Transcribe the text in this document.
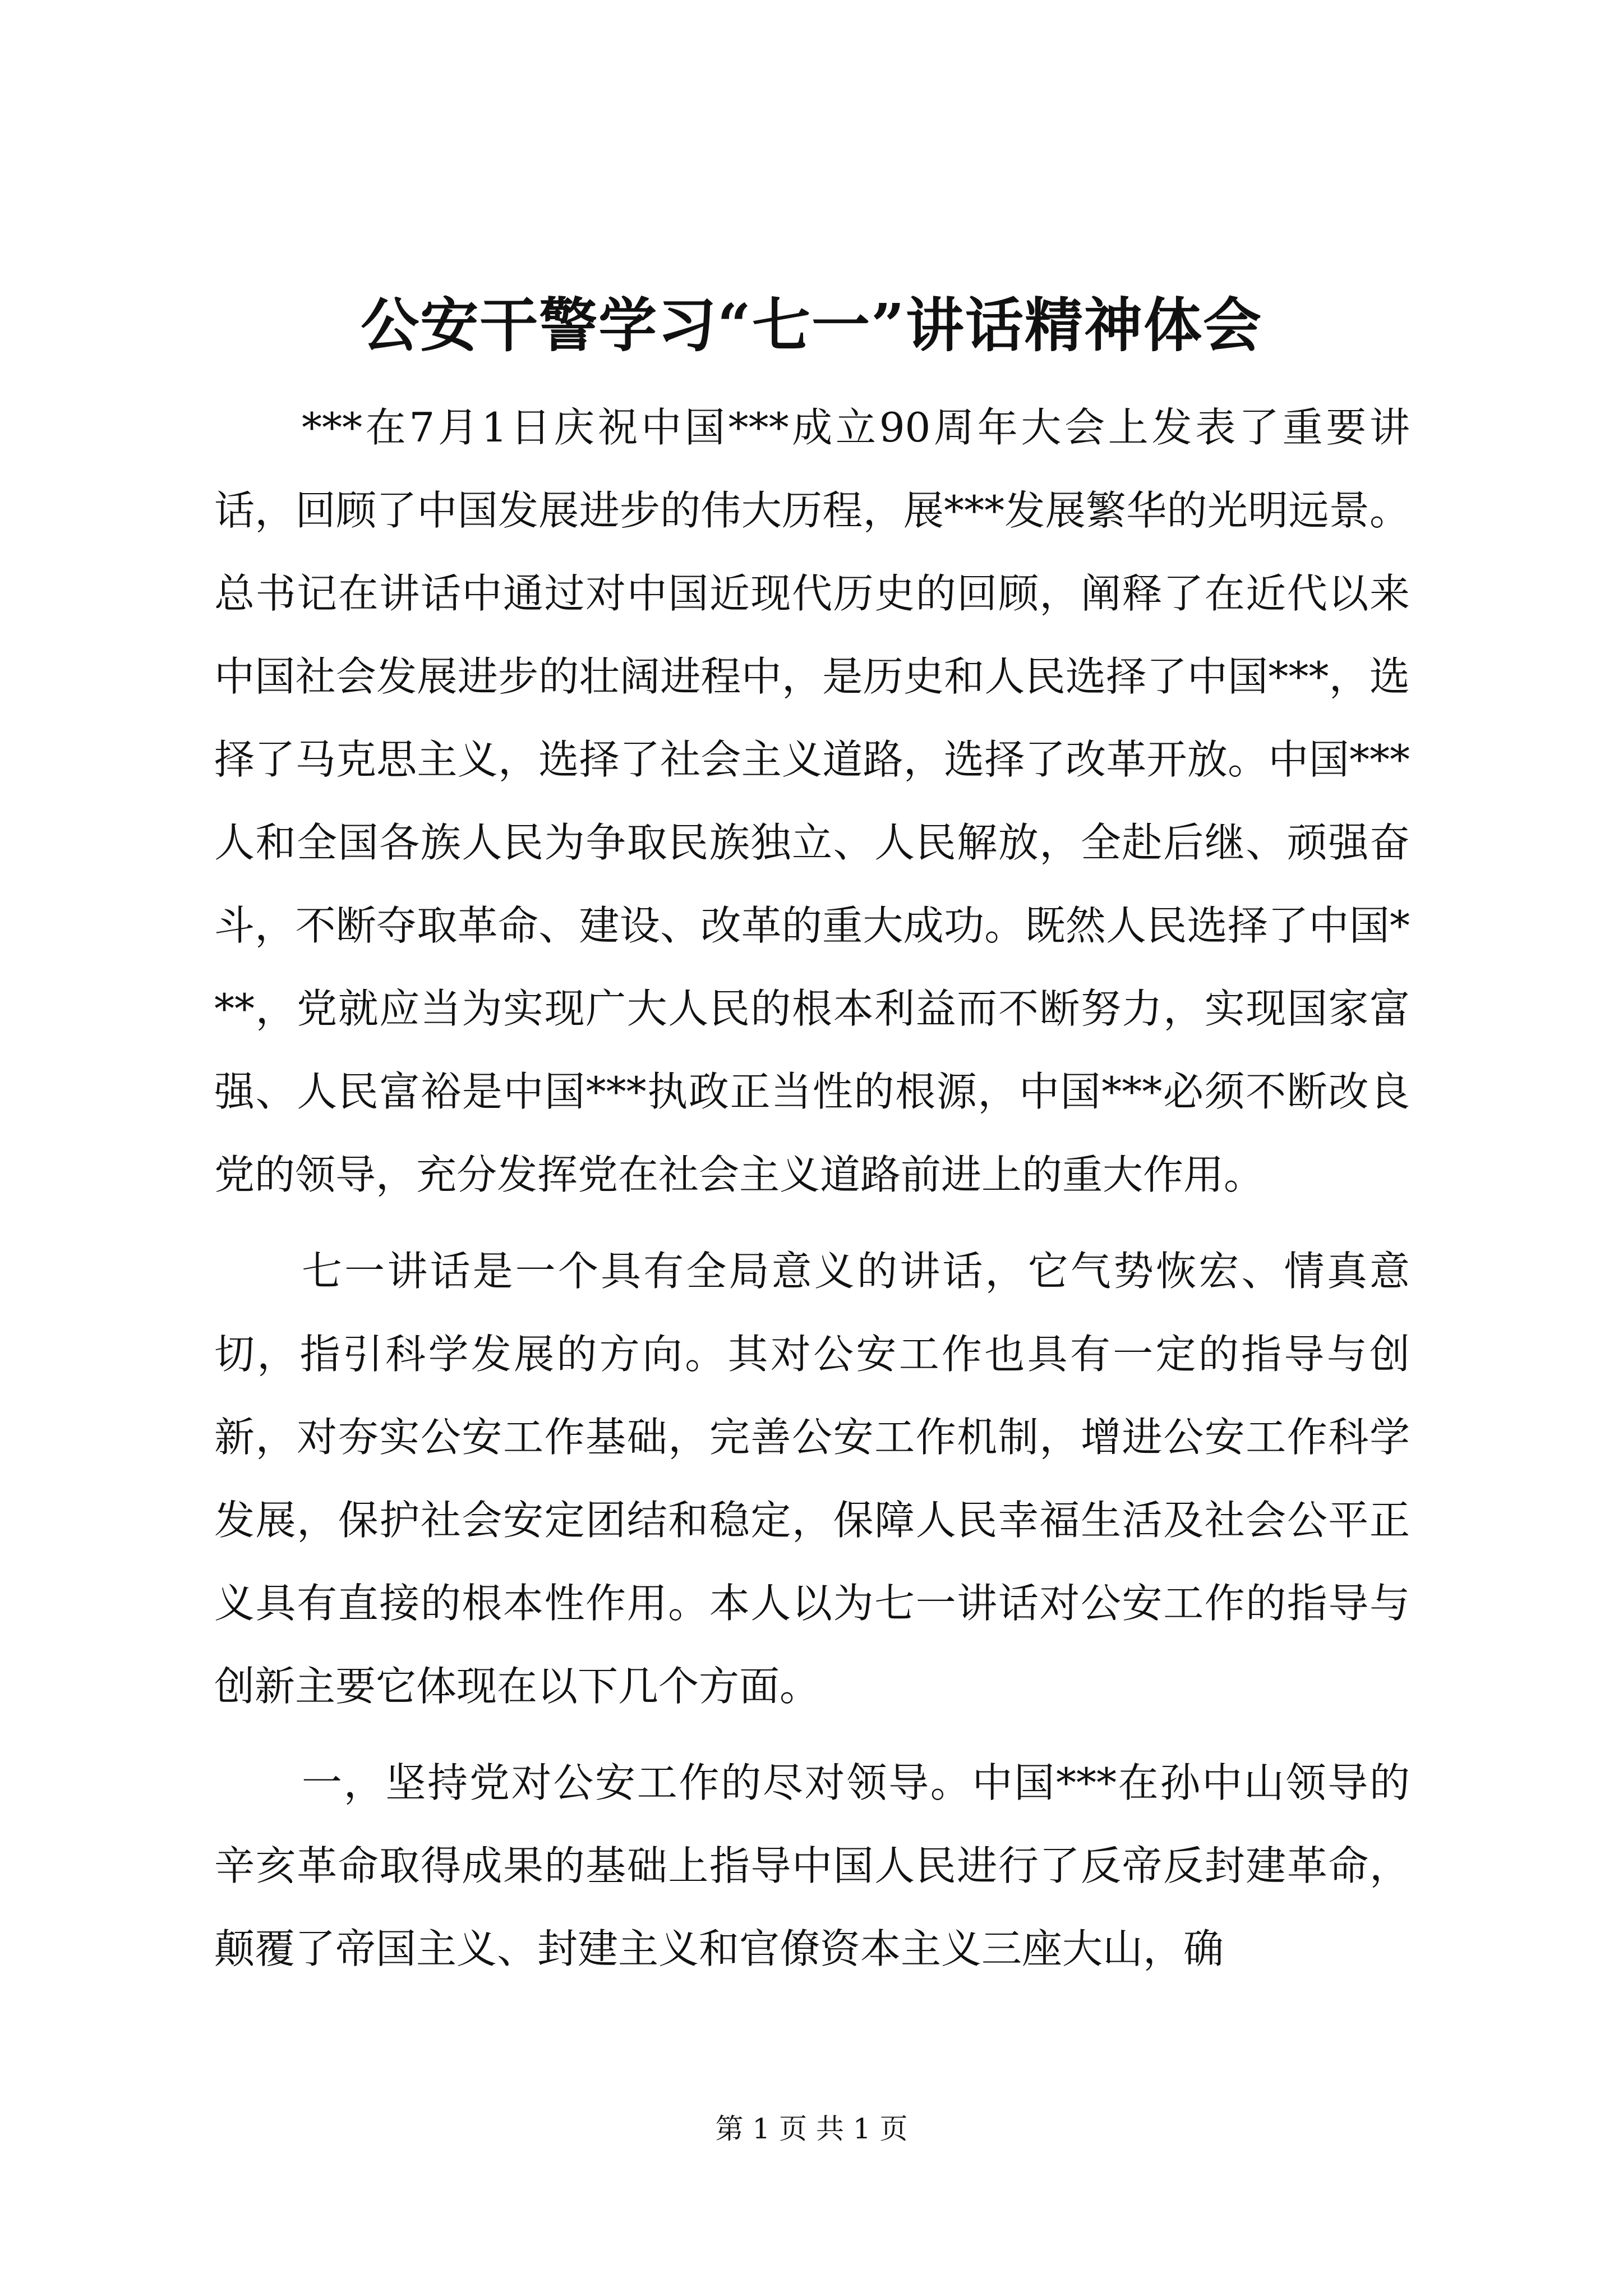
公安干警学习“七一”讲话精神体会

***在7月1日庆祝中国***成立90周年大会上发表了重要讲话，回顾了中国发展进步的伟大历程，展***发展繁华的光明远景。总书记在讲话中通过对中国近现代历史的回顾，阐释了在近代以来中国社会发展进步的壮阔进程中，是历史和人民选择了中国***，选择了马克思主义，选择了社会主义道路，选择了改革开放。中国***人和全国各族人民为争取民族独立、人民解放，全赴后继、顽强奋斗，不断夺取革命、建设、改革的重大成功。既然人民选择了中国***，党就应当为实现广大人民的根本利益而不断努力，实现国家富强、人民富裕是中国***执政正当性的根源，中国***必须不断改良党的领导，充分发挥党在社会主义道路前进上的重大作用。

七一讲话是一个具有全局意义的讲话，它气势恢宏、情真意切，指引科学发展的方向。其对公安工作也具有一定的指导与创新，对夯实公安工作基础，完善公安工作机制，增进公安工作科学发展，保护社会安定团结和稳定，保障人民幸福生活及社会公平正义具有直接的根本性作用。本人以为七一讲话对公安工作的指导与创新主要它体现在以下几个方面。

一，坚持党对公安工作的尽对领导。中国***在孙中山领导的辛亥革命取得成果的基础上指导中国人民进行了反帝反封建革命，颠覆了帝国主义、封建主义和官僚资本主义三座大山，确

第 1 页 共 1 页
